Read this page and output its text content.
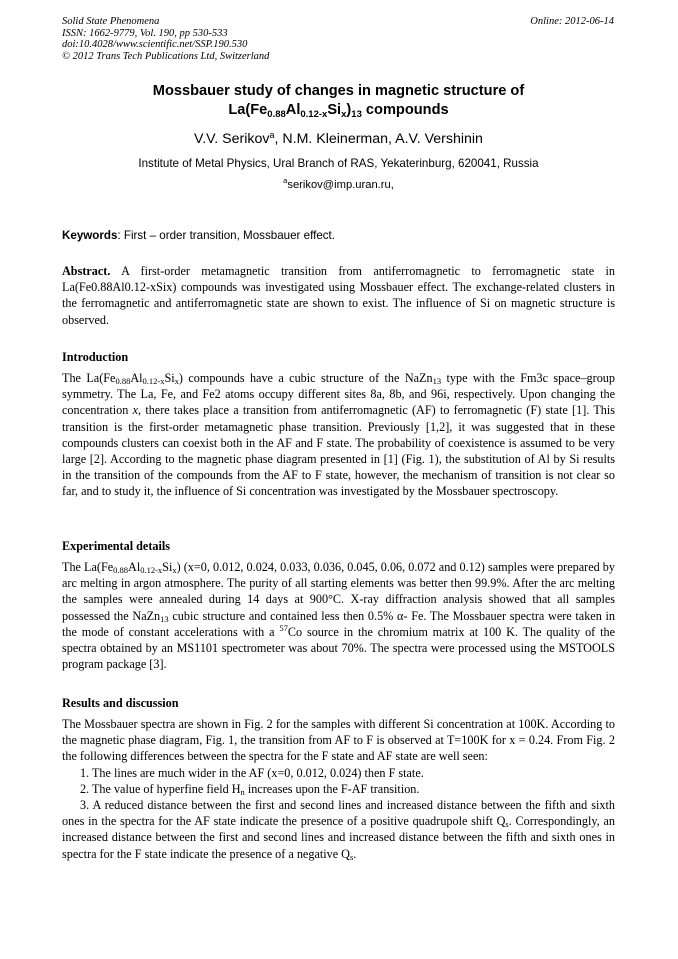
Solid State Phenomena
ISSN: 1662-9779, Vol. 190, pp 530-533
doi:10.4028/www.scientific.net/SSP.190.530
© 2012 Trans Tech Publications Ltd, Switzerland
Online: 2012-06-14
Mossbauer study of changes in magnetic structure of
$La(Fe_{0.88}Al_{0.12-x}Si_x)_{13}$ compounds
V.V. Serikov$^a$, N.M. Kleinerman, A.V. Vershinin
Institute of Metal Physics, Ural Branch of RAS, Yekaterinburg, 620041, Russia
$^a$serikov@imp.uran.ru,
Keywords: First – order transition, Mossbauer effect.
Abstract. A first-order metamagnetic transition from antiferromagnetic to ferromagnetic state in La(Fe0.88Al0.12-xSix) compounds was investigated using Mossbauer effect. The exchange-related clusters in the ferromagnetic and antiferromagnetic state are shown to exist. The influence of Si on magnetic structure is observed.
Introduction
The $La(Fe_{0.88}Al_{0.12-x}Si_x)$ compounds have a cubic structure of the NaZn$_{13}$ type with the Fm3c space–group symmetry. The La, Fe, and Fe2 atoms occupy different sites 8a, 8b, and 96i, respectively. Upon changing the concentration x, there takes place a transition from antiferromagnetic (AF) to ferromagnetic (F) state [1]. This transition is the first-order metamagnetic phase transition. Previously [1,2], it was suggested that in these compounds clusters can coexist both in the AF and F state. The probability of coexistence is assumed to be very large [2]. According to the magnetic phase diagram presented in [1] (Fig. 1), the substitution of Al by Si results in the transition of the compounds from the AF to F state, however, the mechanism of transition is not clear so far, and to study it, the influence of Si concentration was investigated by the Mossbauer spectroscopy.
Experimental details
The $La(Fe_{0.88}Al_{0.12-x}Si_x)$ (x=0, 0.012, 0.024, 0.033, 0.036, 0.045, 0.06, 0.072 and 0.12) samples were prepared by arc melting in argon atmosphere. The purity of all starting elements was better then 99.9%. After the arc melting the samples were annealed during 14 days at 900°C. X-ray diffraction analysis showed that all samples possessed the NaZn$_{13}$ cubic structure and contained less then 0.5% α- Fe. The Mossbauer spectra were taken in the mode of constant accelerations with a $^{57}$Co source in the chromium matrix at 100 K. The quality of the spectra obtained by an MS1101 spectrometer was about 70%. The spectra were processed using the MSTOOLS program package [3].
Results and discussion
The Mossbauer spectra are shown in Fig. 2 for the samples with different Si concentration at 100K. According to the magnetic phase diagram, Fig. 1, the transition from AF to F is observed at T=100K for x = 0.24. From Fig. 2 the following differences between the spectra for the F state and AF state are well seen:
1. The lines are much wider in the AF (x=0, 0.012, 0.024) then F state.
2. The value of hyperfine field $H_n$ increases upon the F-AF transition.
3. A reduced distance between the first and second lines and increased distance between the fifth and sixth ones in the spectra for the AF state indicate the presence of a positive quadrupole shift $Q_s$. Correspondingly, an increased distance between the first and second lines and increased distance between the fifth and sixth ones in spectra for the F state indicate the presence of a negative $Q_s$.
